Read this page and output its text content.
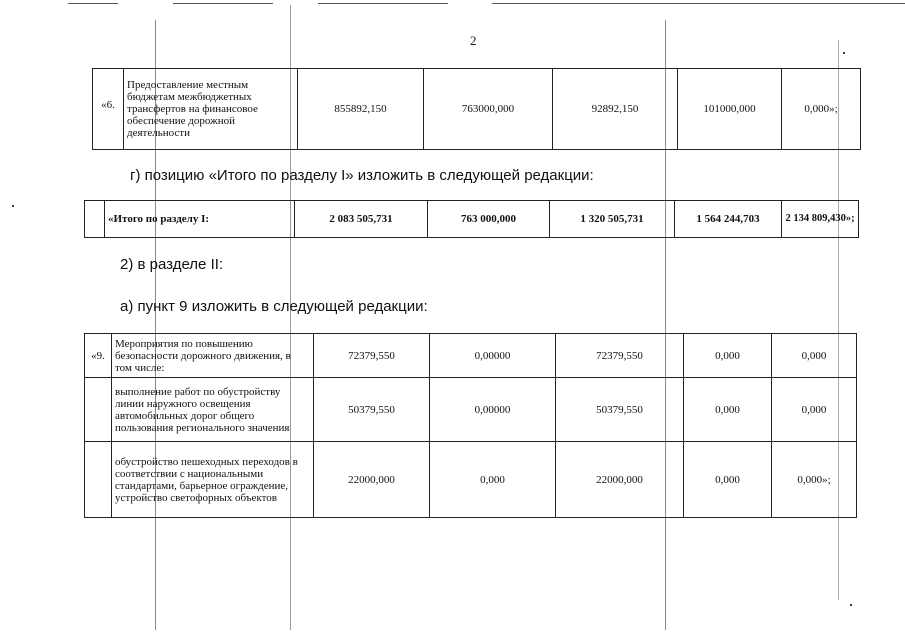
2
«6.	Предоставление местным бюджетам межбюджетных трансфертов на финансовое обеспечение дорожной деятельности	855892,150	763000,000	92892,150	101000,000	0,000»;
г) позицию «Итого по разделу I» изложить в следующей редакции:
	«Итого по разделу I:	2 083 505,731	763 000,000	1 320 505,731	1 564 244,703	2 134 809,430»;
2) в разделе II:
а) пункт 9 изложить в следующей редакции:
«9.	Мероприятия по повышению безопасности дорожного движения, в том числе:	72379,550	0,00000	72379,550	0,000	0,000
	выполнение работ по обустройству линии наружного освещения автомобильных дорог общего пользования регионального значения	50379,550	0,00000	50379,550	0,000	0,000
	обустройство пешеходных переходов в соответствии с национальными стандартами, барьерное ограждение, устройство светофорных объектов	22000,000	0,000	22000,000	0,000	0,000»;
